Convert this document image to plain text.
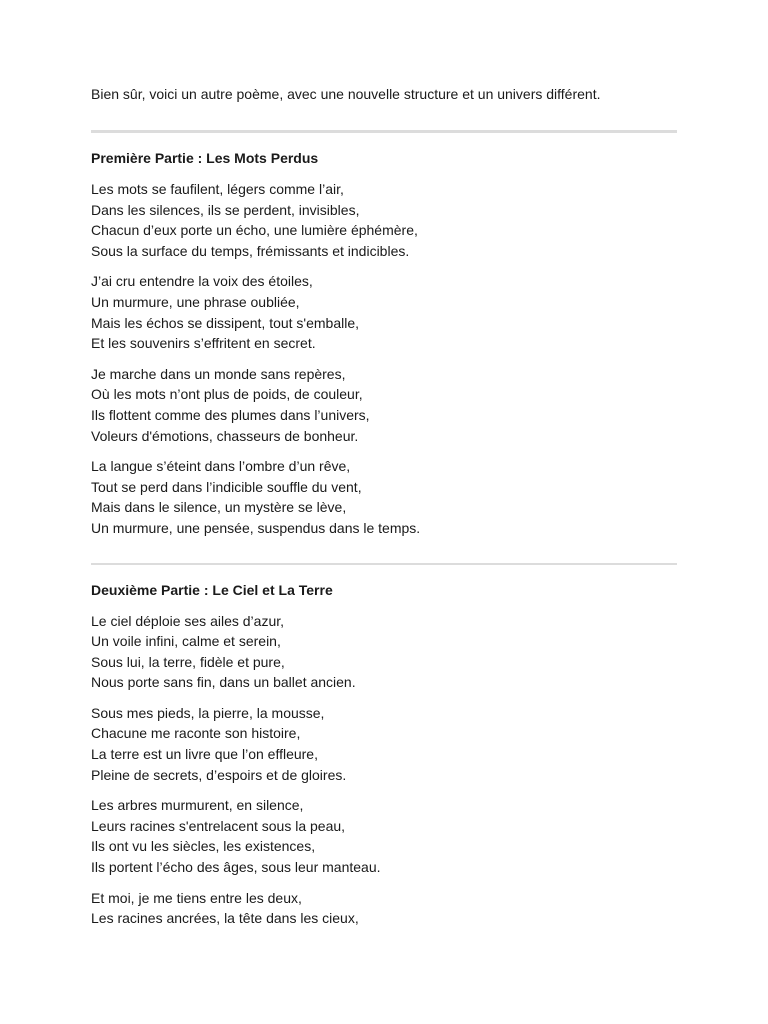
Bien sûr, voici un autre poème, avec une nouvelle structure et un univers différent.

Première Partie : Les Mots Perdus
Les mots se faufilent, légers comme l’air,
Dans les silences, ils se perdent, invisibles,
Chacun d’eux porte un écho, une lumière éphémère,
Sous la surface du temps, frémissants et indicibles.
J’ai cru entendre la voix des étoiles,
Un murmure, une phrase oubliée,
Mais les échos se dissipent, tout s'emballe,
Et les souvenirs s’effritent en secret.
Je marche dans un monde sans repères,
Où les mots n’ont plus de poids, de couleur,
Ils flottent comme des plumes dans l’univers,
Voleurs d'émotions, chasseurs de bonheur.
La langue s’éteint dans l’ombre d’un rêve,
Tout se perd dans l’indicible souffle du vent,
Mais dans le silence, un mystère se lève,
Un murmure, une pensée, suspendus dans le temps.
Deuxième Partie : Le Ciel et La Terre
Le ciel déploie ses ailes d’azur,
Un voile infini, calme et serein,
Sous lui, la terre, fidèle et pure,
Nous porte sans fin, dans un ballet ancien.
Sous mes pieds, la pierre, la mousse,
Chacune me raconte son histoire,
La terre est un livre que l’on effleure,
Pleine de secrets, d’espoirs et de gloires.
Les arbres murmurent, en silence,
Leurs racines s'entrelacent sous la peau,
Ils ont vu les siècles, les existences,
Ils portent l’écho des âges, sous leur manteau.
Et moi, je me tiens entre les deux,
Les racines ancrées, la tête dans les cieux,
